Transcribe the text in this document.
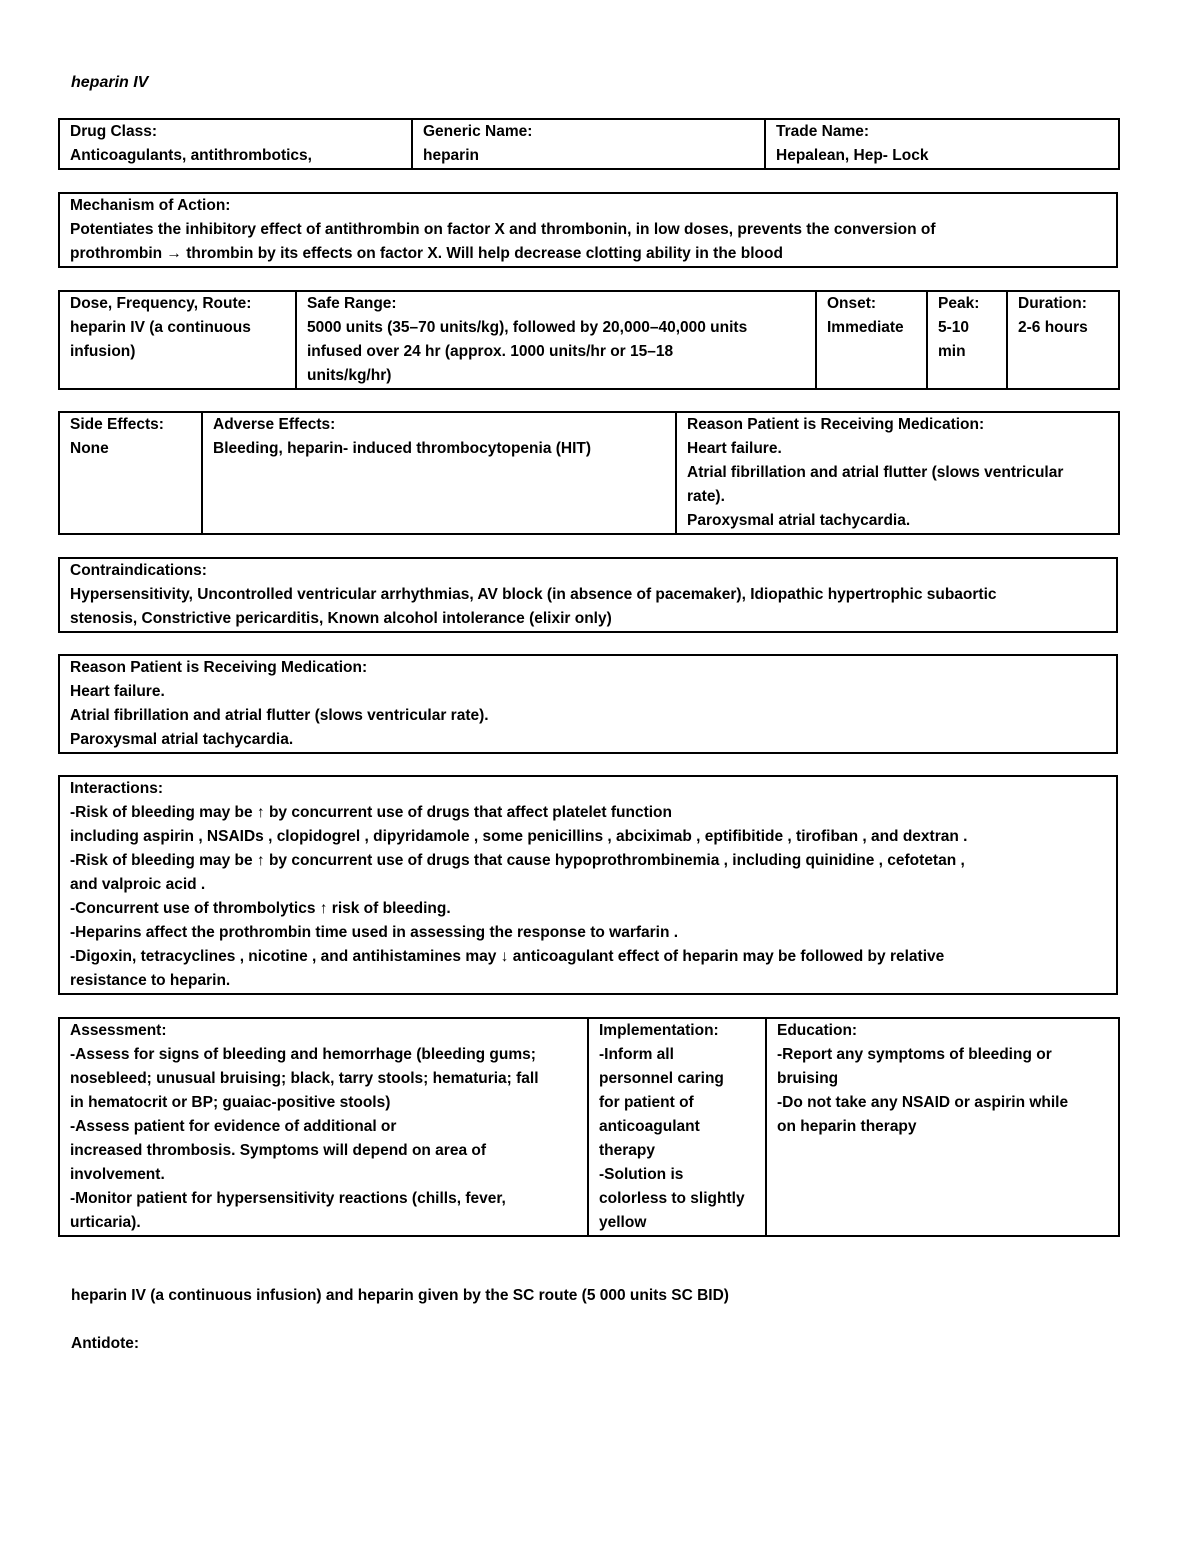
heparin IV
Drug Class:
Anticoagulants, antithrombotics,

Generic Name:
heparin

Trade Name:
Hepalean, Hep- Lock
Mechanism of Action:
Potentiates the inhibitory effect of antithrombin on factor X and thrombonin, in low doses, prevents the conversion of
prothrombin → thrombin by its effects on factor X. Will help decrease clotting ability in the blood
Dose, Frequency, Route:
heparin IV (a continuous
infusion)

Safe Range:
5000 units (35–70 units/kg), followed by 20,000–40,000 units
infused over 24 hr (approx. 1000 units/hr or 15–18
units/kg/hr)

Onset:
Immediate

Peak:
5-10
min

Duration:
2-6 hours
Side Effects:
None

Adverse Effects:
Bleeding, heparin- induced thrombocytopenia (HIT)

Reason Patient is Receiving Medication:
Heart failure.
Atrial fibrillation and atrial flutter (slows ventricular
rate).
Paroxysmal atrial tachycardia.
Contraindications:
Hypersensitivity, Uncontrolled ventricular arrhythmias, AV block (in absence of pacemaker), Idiopathic hypertrophic subaortic
stenosis, Constrictive pericarditis, Known alcohol intolerance (elixir only)
Reason Patient is Receiving Medication:
Heart failure.
Atrial fibrillation and atrial flutter (slows ventricular rate).
Paroxysmal atrial tachycardia.
Interactions:
-Risk of bleeding may be ↑ by concurrent use of drugs that affect platelet function
including aspirin , NSAIDs , clopidogrel , dipyridamole , some penicillins , abciximab , eptifibitide , tirofiban , and dextran .
-Risk of bleeding may be ↑ by concurrent use of drugs that cause hypoprothrombinemia , including quinidine , cefotetan ,
and valproic acid .
-Concurrent use of thrombolytics ↑ risk of bleeding.
-Heparins affect the prothrombin time used in assessing the response to warfarin .
-Digoxin, tetracyclines , nicotine , and antihistamines may ↓ anticoagulant effect of heparin may be followed by relative
resistance to heparin.
Assessment:
-Assess for signs of bleeding and hemorrhage (bleeding gums;
nosebleed; unusual bruising; black, tarry stools; hematuria; fall
in hematocrit or BP; guaiac-positive stools)
-Assess patient for evidence of additional or
increased thrombosis. Symptoms will depend on area of
involvement.
-Monitor patient for hypersensitivity reactions (chills, fever,
urticaria).

Implementation:
-Inform all
personnel caring
for patient of
anticoagulant
therapy
-Solution is
colorless to slightly
yellow

Education:
-Report any symptoms of bleeding or
bruising
-Do not take any NSAID or aspirin while
on heparin therapy
heparin IV (a continuous infusion) and heparin given by the SC route (5 000 units SC BID)
Antidote:
